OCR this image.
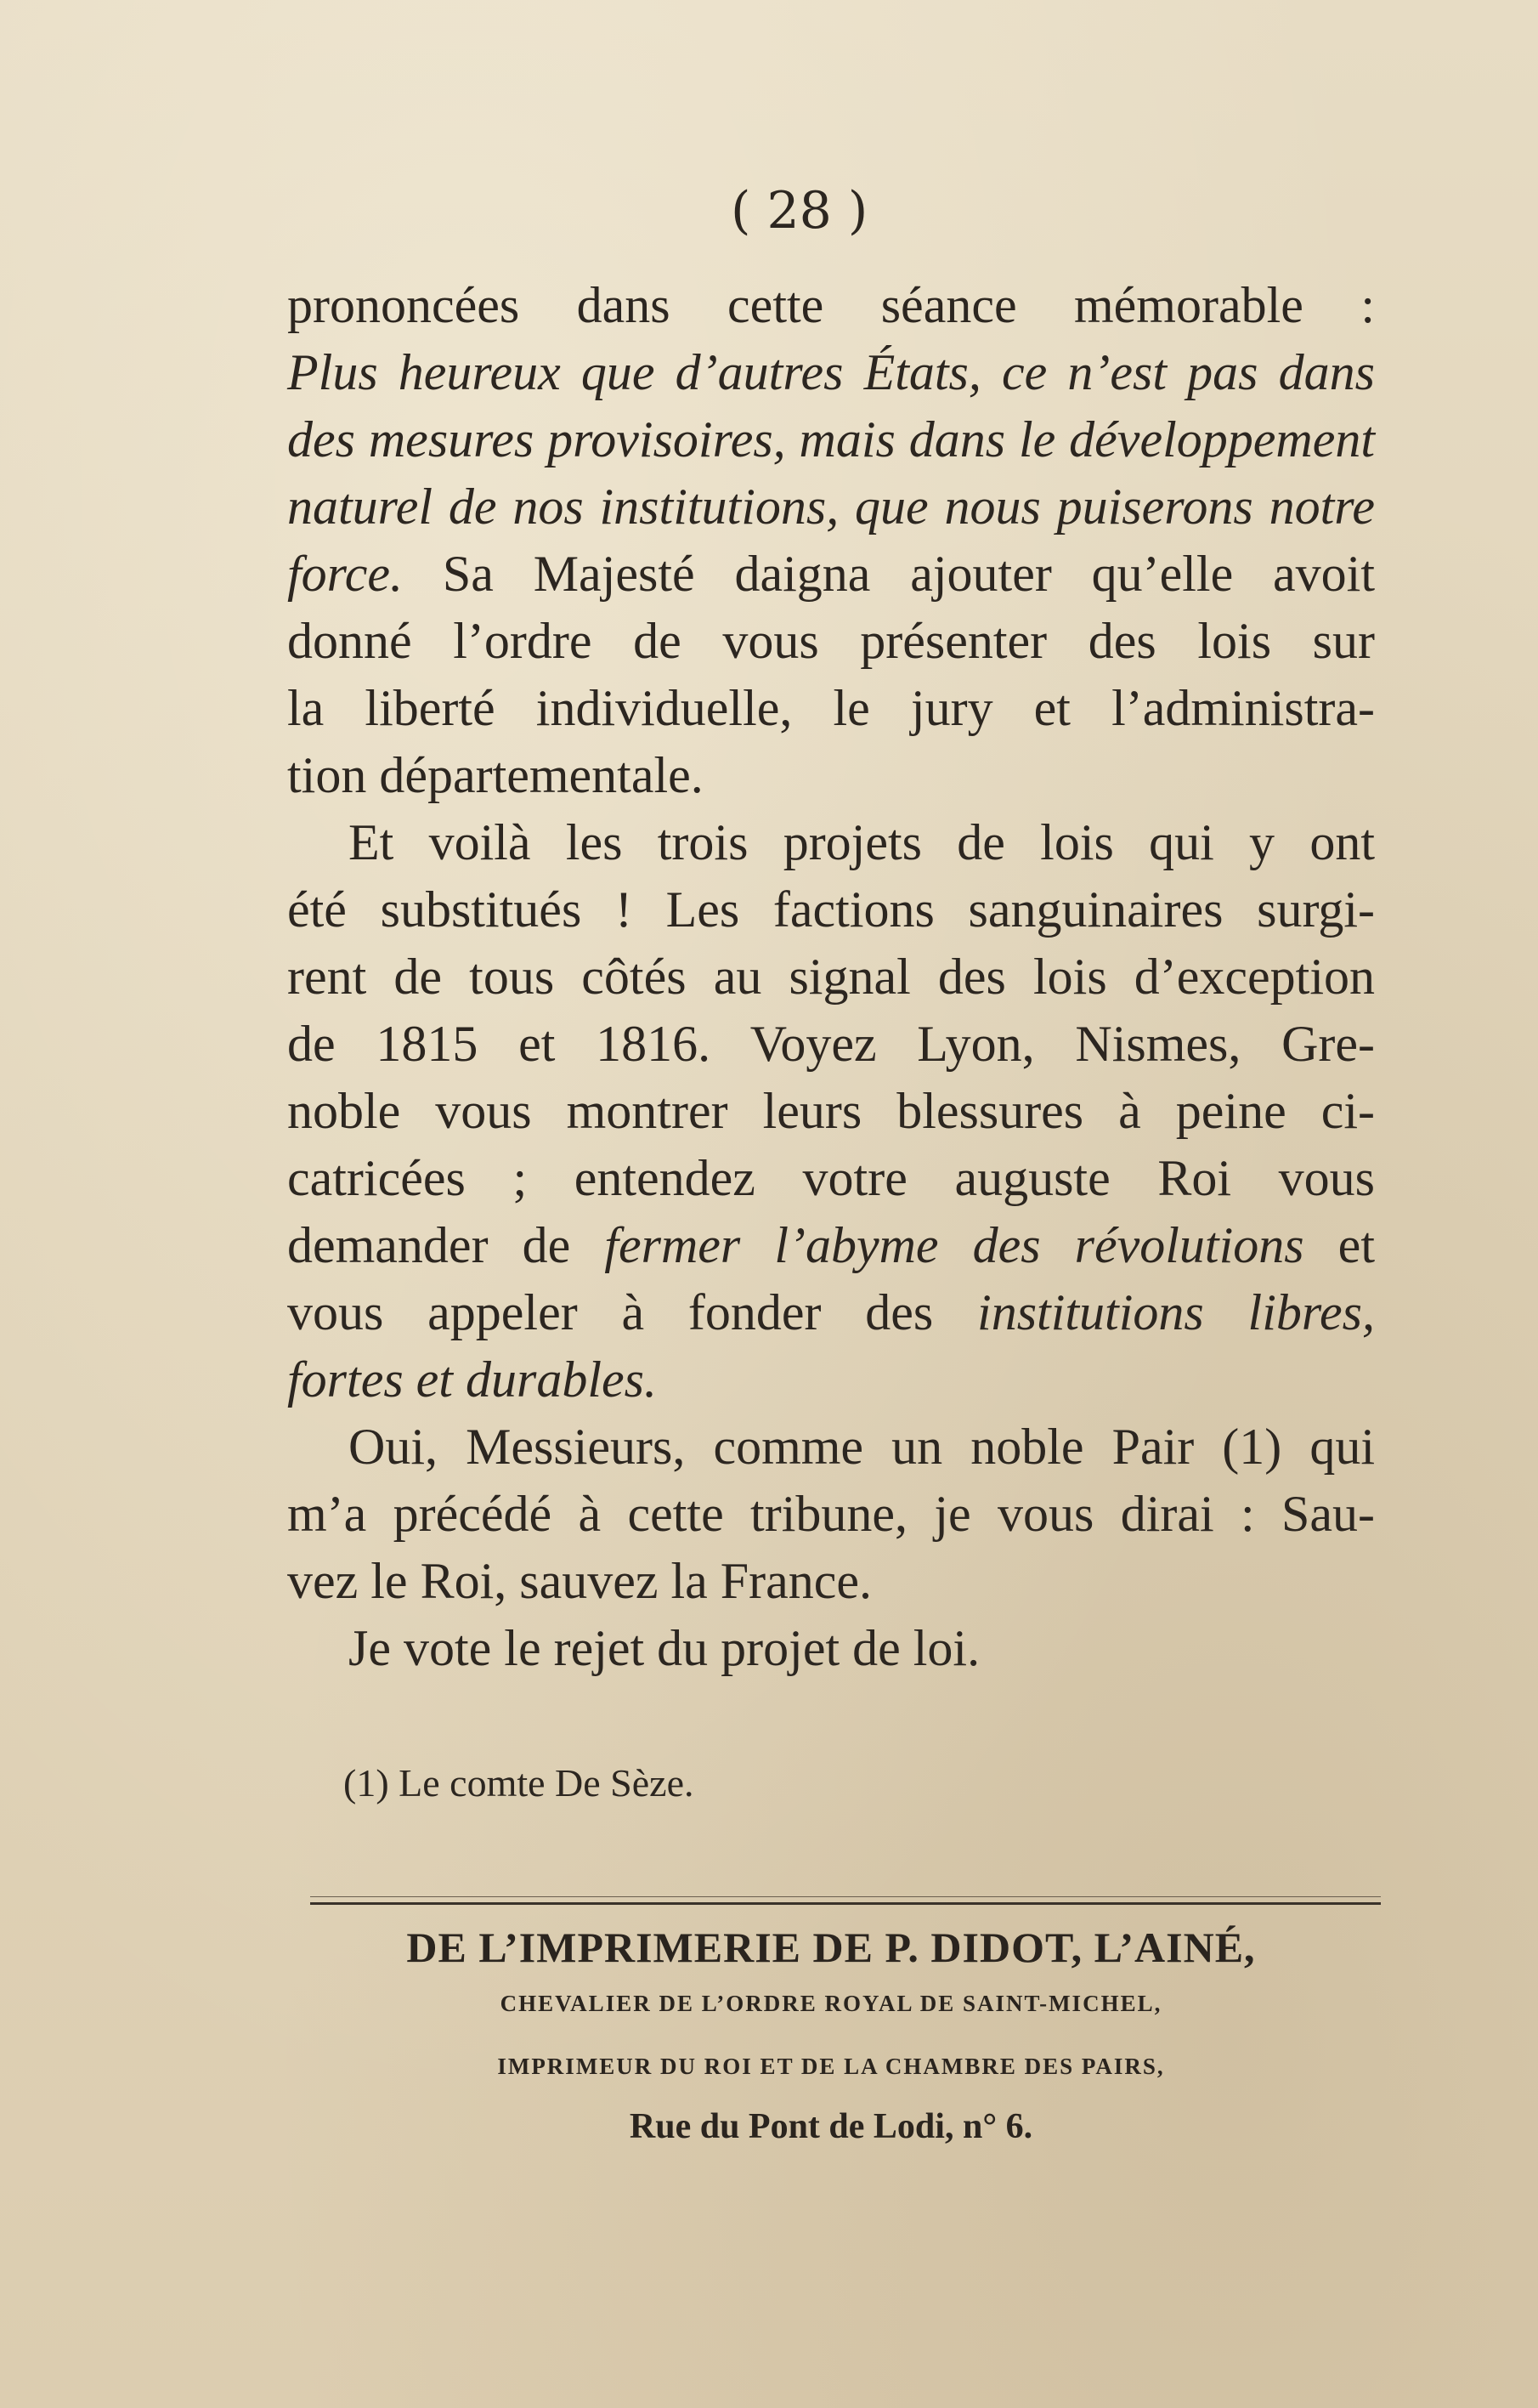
( 28 )
prononcées dans cette séance mémorable :
Plus heureux que d’autres États, ce n’est pas dans
des mesures provisoires, mais dans le développement
naturel de nos institutions, que nous puiserons notre
force. Sa Majesté daigna ajouter qu’elle avoit
donné l’ordre de vous présenter des lois sur
la liberté individuelle, le jury et l’administra-
tion départementale.
Et voilà les trois projets de lois qui y ont
été substitués ! Les factions sanguinaires surgi-
rent de tous côtés au signal des lois d’exception
de 1815 et 1816. Voyez Lyon, Nismes, Gre-
noble vous montrer leurs blessures à peine ci-
catricées ; entendez votre auguste Roi vous
demander de fermer l’abyme des révolutions et
vous appeler à fonder des institutions libres,
fortes et durables.
Oui, Messieurs, comme un noble Pair (1) qui
m’a précédé à cette tribune, je vous dirai : Sau-
vez le Roi, sauvez la France.
Je vote le rejet du projet de loi.
(1) Le comte De Sèze.
DE L’IMPRIMERIE DE P. DIDOT, L’AINÉ,
CHEVALIER DE L’ORDRE ROYAL DE SAINT-MICHEL,
IMPRIMEUR DU ROI ET DE LA CHAMBRE DES PAIRS,
Rue du Pont de Lodi, n° 6.
